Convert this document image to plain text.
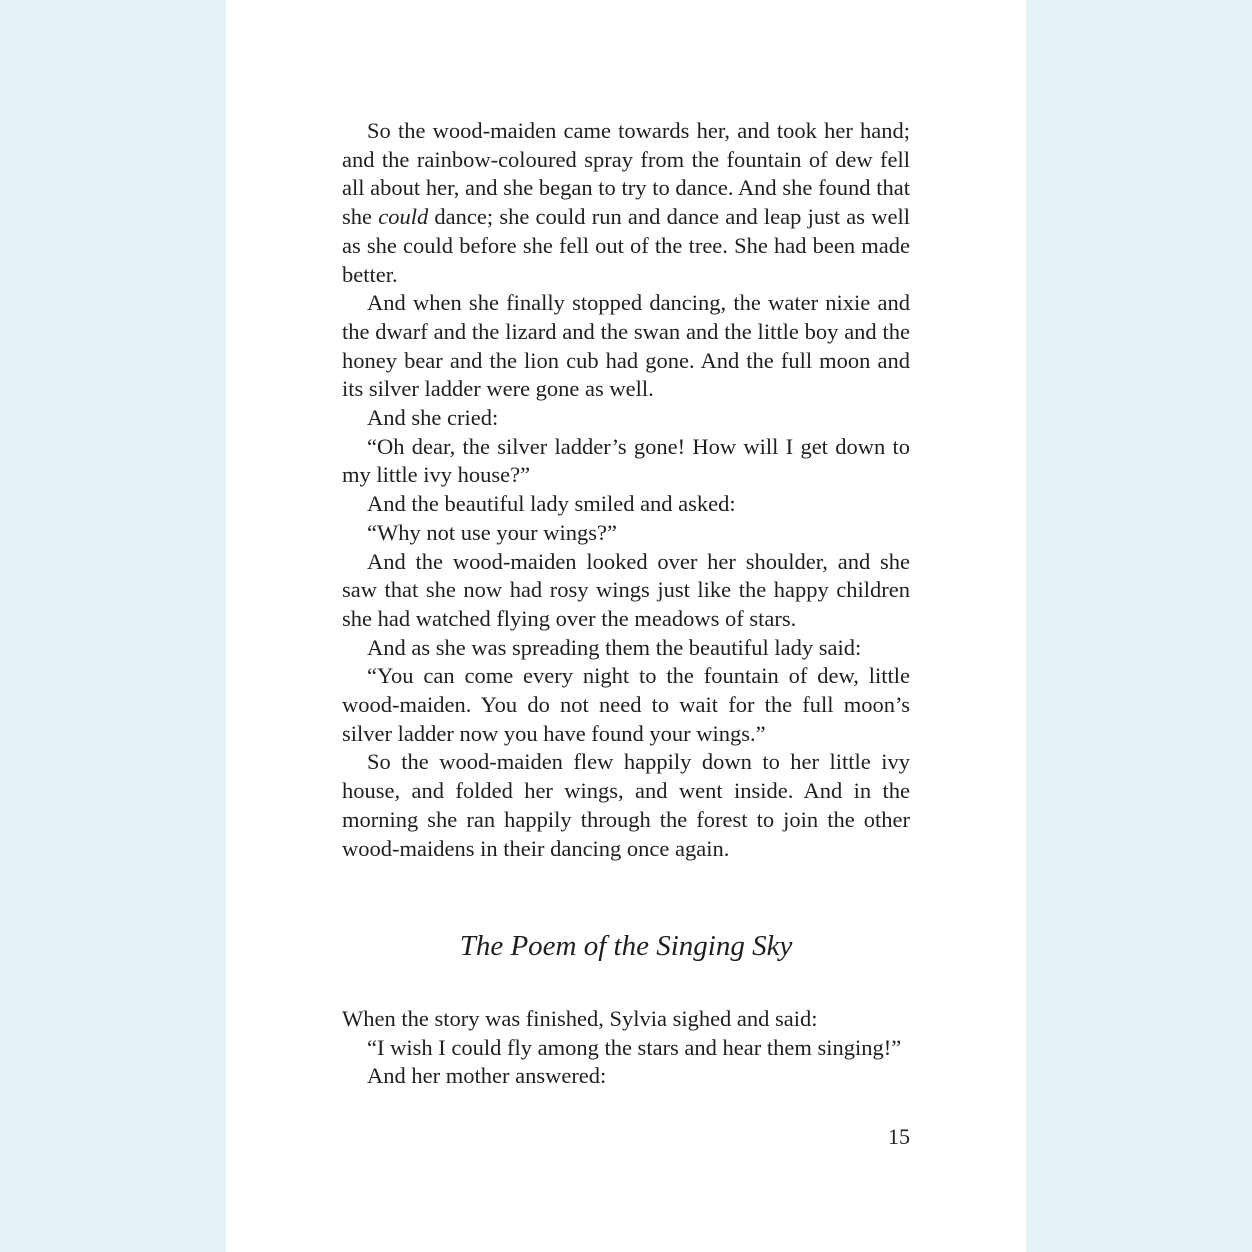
So the wood-maiden came towards her, and took her hand; and the rainbow-coloured spray from the fountain of dew fell all about her, and she began to try to dance. And she found that she could dance; she could run and dance and leap just as well as she could before she fell out of the tree. She had been made better.

And when she finally stopped dancing, the water nixie and the dwarf and the lizard and the swan and the little boy and the honey bear and the lion cub had gone. And the full moon and its silver ladder were gone as well.

And she cried:

“Oh dear, the silver ladder’s gone! How will I get down to my little ivy house?”

And the beautiful lady smiled and asked:

“Why not use your wings?”

And the wood-maiden looked over her shoulder, and she saw that she now had rosy wings just like the happy children she had watched flying over the meadows of stars.

And as she was spreading them the beautiful lady said:

“You can come every night to the fountain of dew, little wood-maiden. You do not need to wait for the full moon’s silver ladder now you have found your wings.”

So the wood-maiden flew happily down to her little ivy house, and folded her wings, and went inside. And in the morning she ran happily through the forest to join the other wood-maidens in their dancing once again.

The Poem of the Singing Sky

When the story was finished, Sylvia sighed and said:

“I wish I could fly among the stars and hear them singing!”

And her mother answered:

15
